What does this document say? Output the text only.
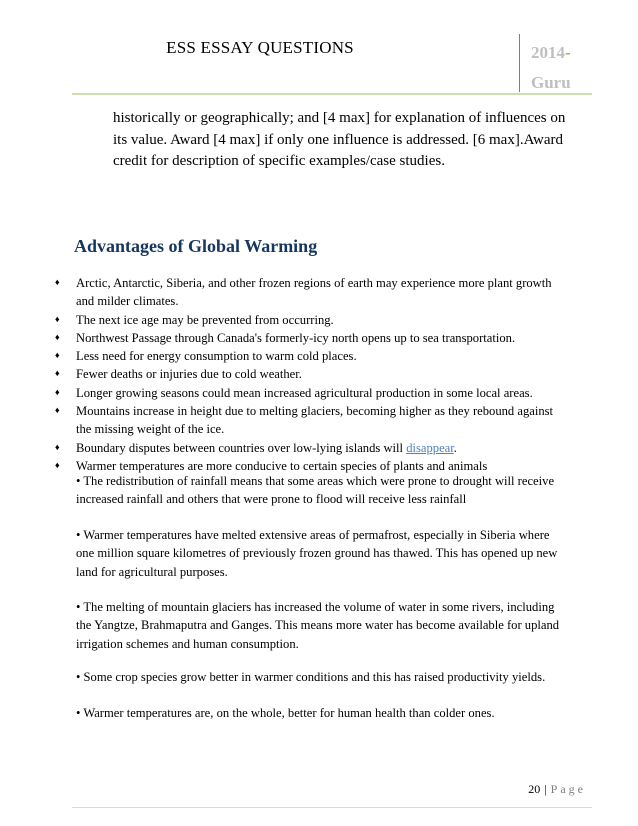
ESS ESSAY QUESTIONS	2014-
Guru
historically or geographically; and [4 max] for explanation of influences on
its value. Award [4 max] if only one influence is addressed. [6 max].Award
credit for description of specific examples/case studies.
Advantages of Global Warming
♦ Arctic, Antarctic, Siberia, and other frozen regions of earth may experience more plant growth
and milder climates.
♦ The next ice age may be prevented from occurring.
♦ Northwest Passage through Canada's formerly-icy north opens up to sea transportation.
♦ Less need for energy consumption to warm cold places.
♦ Fewer deaths or injuries due to cold weather.
♦ Longer growing seasons could mean increased agricultural production in some local areas.
♦ Mountains increase in height due to melting glaciers, becoming higher as they rebound against
the missing weight of the ice.
♦ Boundary disputes between countries over low-lying islands will disappear.
♦ Warmer temperatures are more conducive to certain species of plants and animals
• The redistribution of rainfall means that some areas which were prone to drought will receive
increased rainfall and others that were prone to flood will receive less rainfall
• Warmer temperatures have melted extensive areas of permafrost, especially in Siberia where
one million square kilometres of previously frozen ground has thawed. This has opened up new
land for agricultural purposes.
• The melting of mountain glaciers has increased the volume of water in some rivers, including
the Yangtze, Brahmaputra and Ganges. This means more water has become available for upland
irrigation schemes and human consumption.
• Some crop species grow better in warmer conditions and this has raised productivity yields.
• Warmer temperatures are, on the whole, better for human health than colder ones.
20 | Page
